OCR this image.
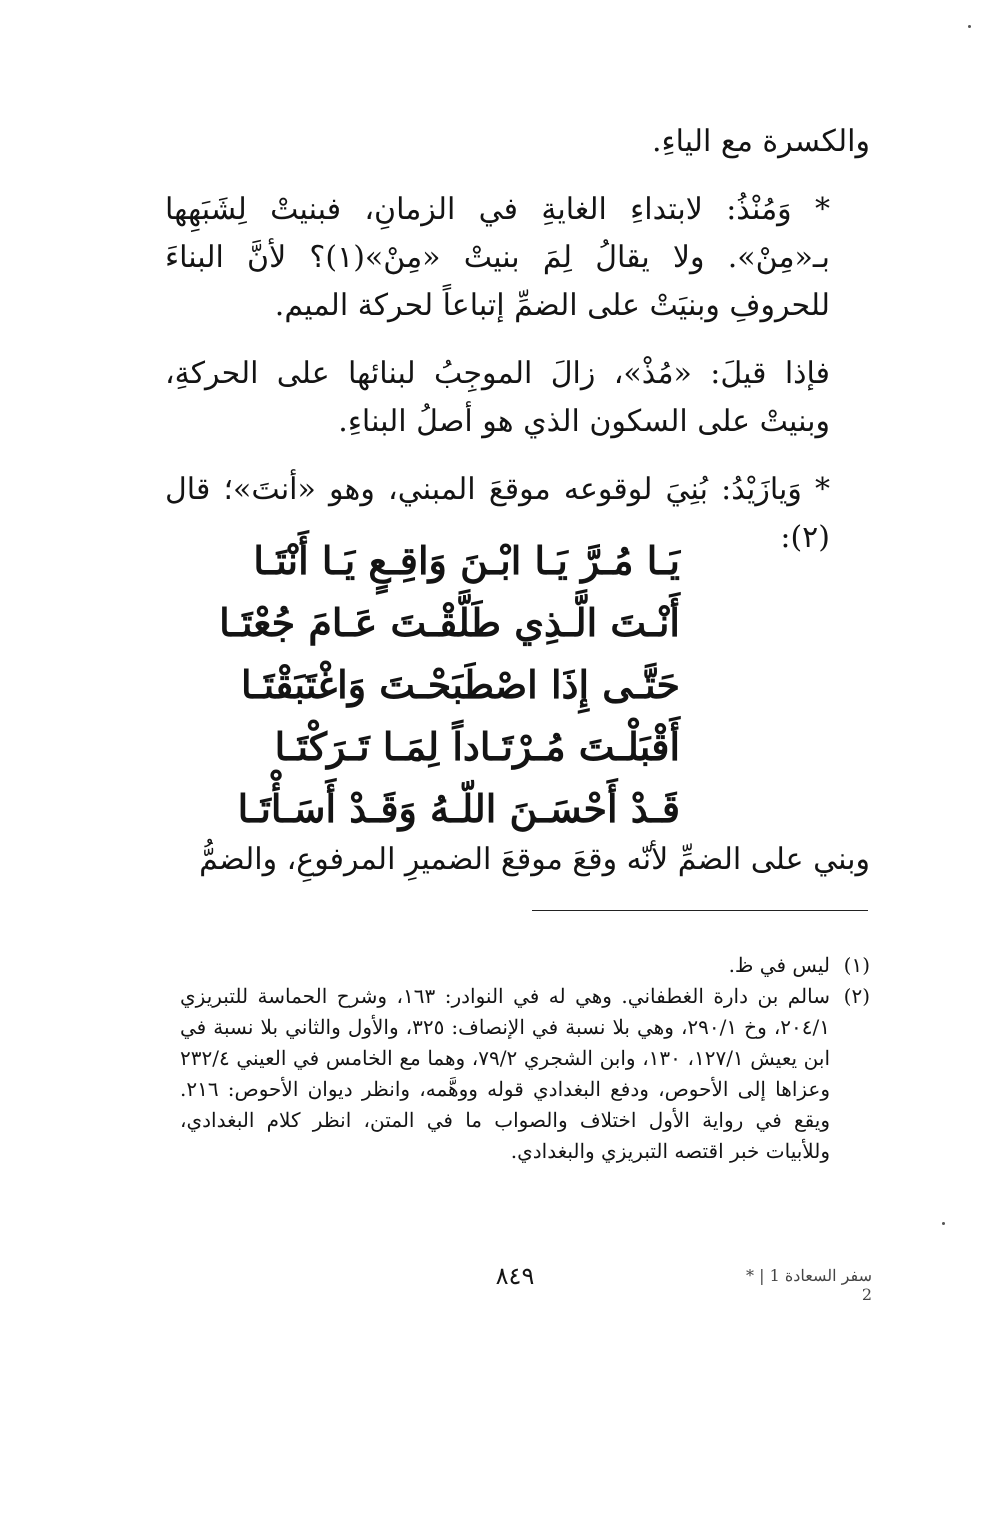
والكسرة مع الياءِ.

* وَمُنْذُ: لابتداءِ الغايةِ في الزمانِ، فبنيتْ لِشَبَهِها بـ«مِنْ». ولا يقالُ لِمَ بنيتْ «مِنْ»(١)؟ لأنَّ البناءَ للحروفِ وبنيَتْ على الضمِّ إتباعاً لحركة الميم.

فإذا قيلَ: «مُذْ»، زالَ الموجِبُ لبنائها على الحركةِ، وبنيتْ على السكون الذي هو أصلُ البناءِ.

* وَيازَيْدُ: بُنِيَ لوقوعه موقعَ المبني، وهو «أنتَ»؛ قال (٢):

يَـا مُـرَّ يَـا ابْـنَ وَاقِـعٍ يَـا أَنْتَـا
أَنْـتَ الَّـذِي طَلَّقْـتَ عَـامَ جُعْتَـا
حَتَّـى إِذَا اصْطَبَحْـتَ وَاغْتَبَقْتَـا
أَقْبَلْـتَ مُـرْتَـاداً لِمَـا تَـرَكْتَـا
قَـدْ أَحْسَـنَ اللّـهُ وَقَـدْ أَسَـأْتَـا
وبني على الضمِّ لأنّه وقعَ موقعَ الضميرِ المرفوعِ، والضمُّ
(١)
ليس في ظ.
(٢)
سالم بن دارة الغطفاني. وهي له في النوادر: ١٦٣، وشرح الحماسة للتبريزي ٢٠٤/١، وخ ٢٩٠/١، وهي بلا نسبة في الإنصاف: ٣٢٥، والأول والثاني بلا نسبة في ابن يعيش ١٢٧/١، ١٣٠، وابن الشجري ٧٩/٢، وهما مع الخامس في العيني ٢٣٢/٤ وعزاها إلى الأحوص، ودفع البغدادي قوله ووهَّمه، وانظر ديوان الأحوص: ٢١٦. ويقع في رواية الأول اختلاف والصواب ما في المتن، انظر كلام البغدادي، وللأبيات خبر اقتصه التبريزي والبغدادي.
٨٤٩	سفر السعادة 1 | * 2
